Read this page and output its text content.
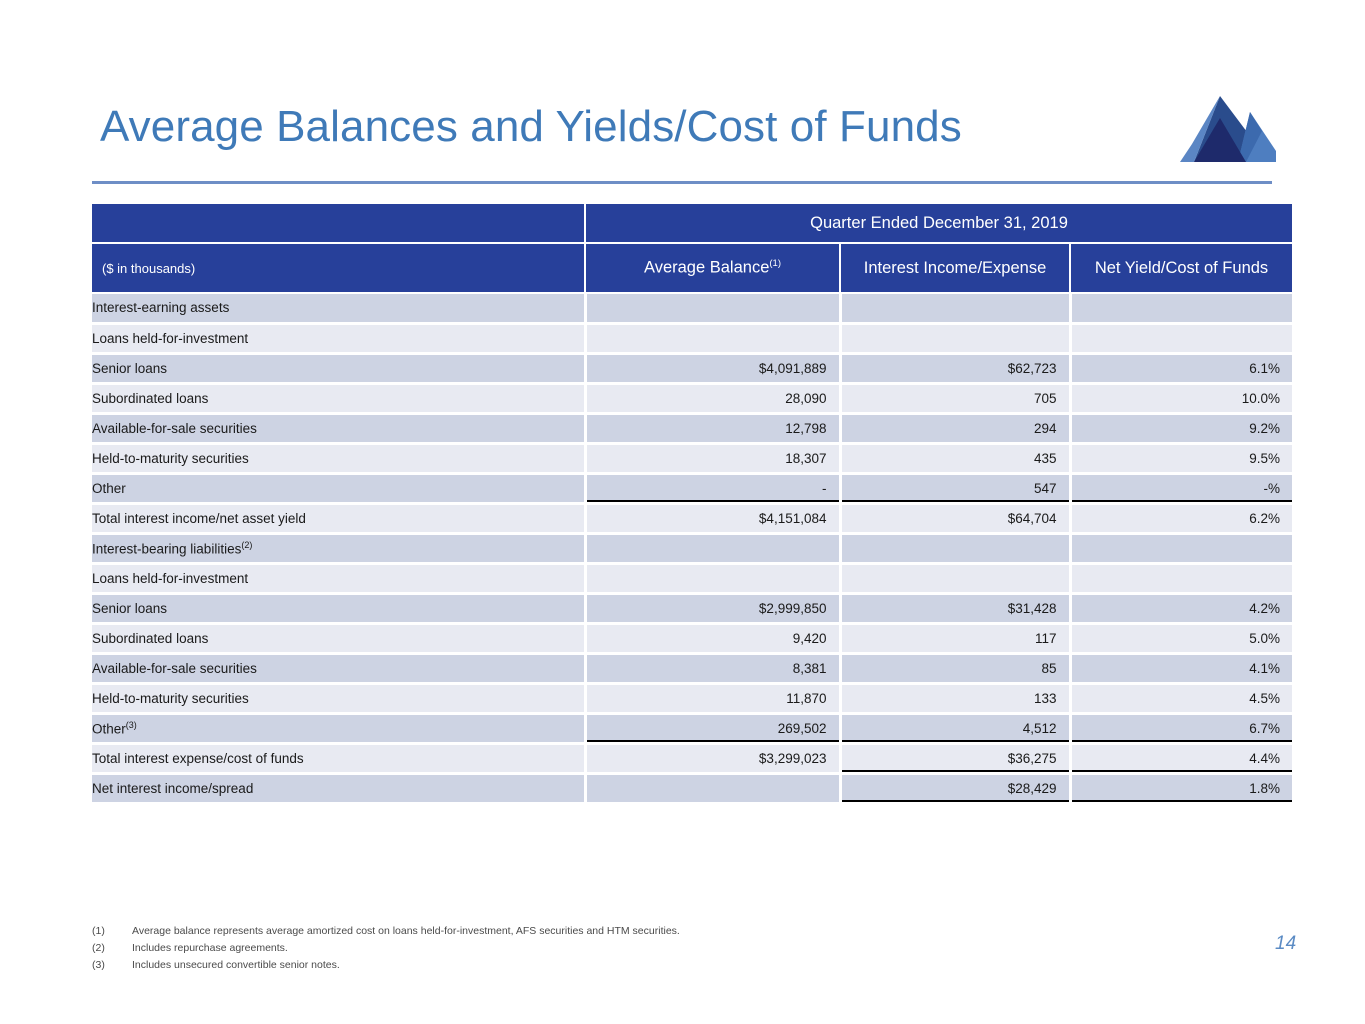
Average Balances and Yields/Cost of Funds
	Quarter Ended December 31, 2019		
($ in thousands)	Average Balance$^{(1)}$	Interest Income/Expense	Net Yield/Cost of Funds
Interest-earning assets			
Loans held-for-investment			
Senior loans	$4,091,889	$62,723	6.1%
Subordinated loans	28,090	705	10.0%
Available-for-sale securities	12,798	294	9.2%
Held-to-maturity securities	18,307	435	9.5%
Other	-	547	-%
Total interest income/net asset yield	$4,151,084	$64,704	6.2%
Interest-bearing liabilities$^{(2)}$			
Loans held-for-investment			
Senior loans	$2,999,850	$31,428	4.2%
Subordinated loans	9,420	117	5.0%
Available-for-sale securities	8,381	85	4.1%
Held-to-maturity securities	11,870	133	4.5%
Other$^{(3)}$	269,502	4,512	6.7%
Total interest expense/cost of funds	$3,299,023	$36,275	4.4%
Net interest income/spread		$28,429	1.8%
(1)	Average balance represents average amortized cost on loans held-for-investment, AFS securities and HTM securities.
(2)	Includes repurchase agreements.
(3)	Includes unsecured convertible senior notes.
14
